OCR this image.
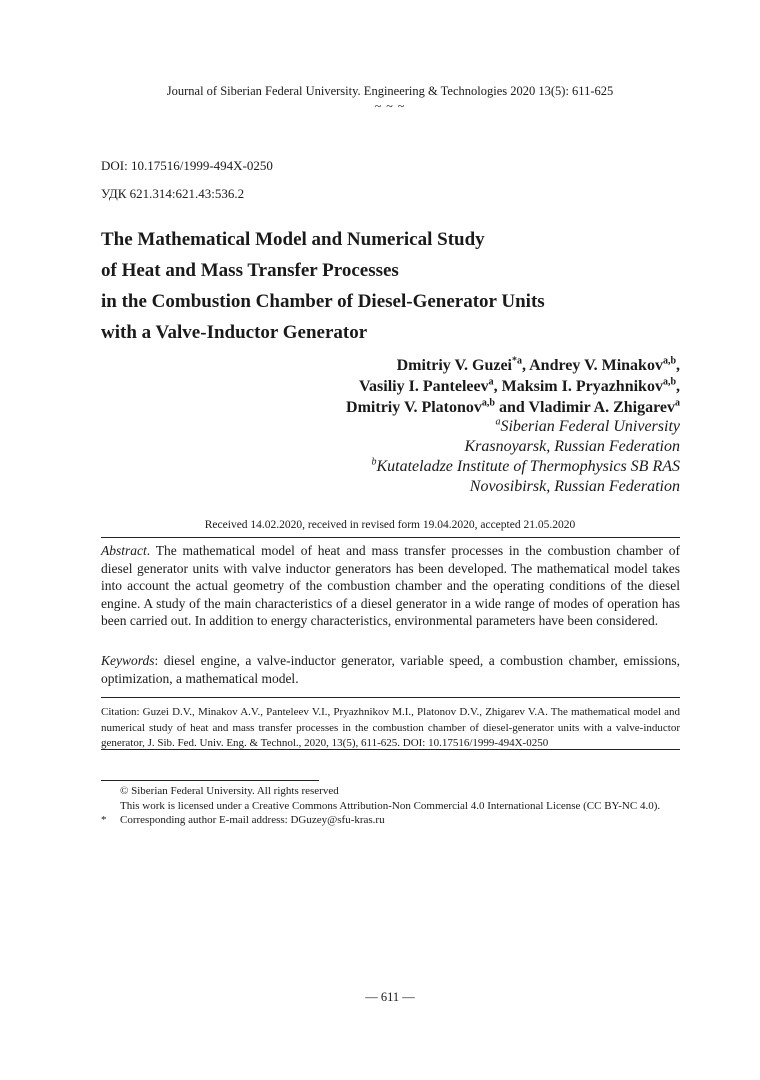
Journal of Siberian Federal University. Engineering & Technologies 2020 13(5): 611-625
~ ~ ~
DOI: 10.17516/1999-494X-0250
УДК 621.314:621.43:536.2
The Mathematical Model and Numerical Study
of Heat and Mass Transfer Processes
in the Combustion Chamber of Diesel-Generator Units
with a Valve-Inductor Generator
Dmitriy V. Guzei$^{*a}$, Andrey V. Minakov$^{a,b}$,
Vasiliy I. Panteleev$^a$, Maksim I. Pryazhnikov$^{a,b}$,
Dmitriy V. Platonov$^{a,b}$ and Vladimir A. Zhigarev$^a$
$^a$Siberian Federal University
Krasnoyarsk, Russian Federation
$^b$Kutateladze Institute of Thermophysics SB RAS
Novosibirsk, Russian Federation
Received 14.02.2020, received in revised form 19.04.2020, accepted 21.05.2020
Abstract. The mathematical model of heat and mass transfer processes in the combustion chamber of diesel generator units with valve inductor generators has been developed. The mathematical model takes into account the actual geometry of the combustion chamber and the operating conditions of the diesel engine. A study of the main characteristics of a diesel generator in a wide range of modes of operation has been carried out. In addition to energy characteristics, environmental parameters have been considered.
Keywords: diesel engine, a valve-inductor generator, variable speed, a combustion chamber, emissions, optimization, a mathematical model.
Citation: Guzei D.V., Minakov A.V., Panteleev V.I., Pryazhnikov M.I., Platonov D.V., Zhigarev V.A. The mathematical model and numerical study of heat and mass transfer processes in the combustion chamber of diesel-generator units with a valve-inductor generator, J. Sib. Fed. Univ. Eng. & Technol., 2020, 13(5), 611-625. DOI: 10.17516/1999-494X-0250
© Siberian Federal University. All rights reserved
This work is licensed under a Creative Commons Attribution-Non Commercial 4.0 International License (CC BY-NC 4.0).
* Corresponding author E-mail address: DGuzey@sfu-kras.ru
— 611 —
